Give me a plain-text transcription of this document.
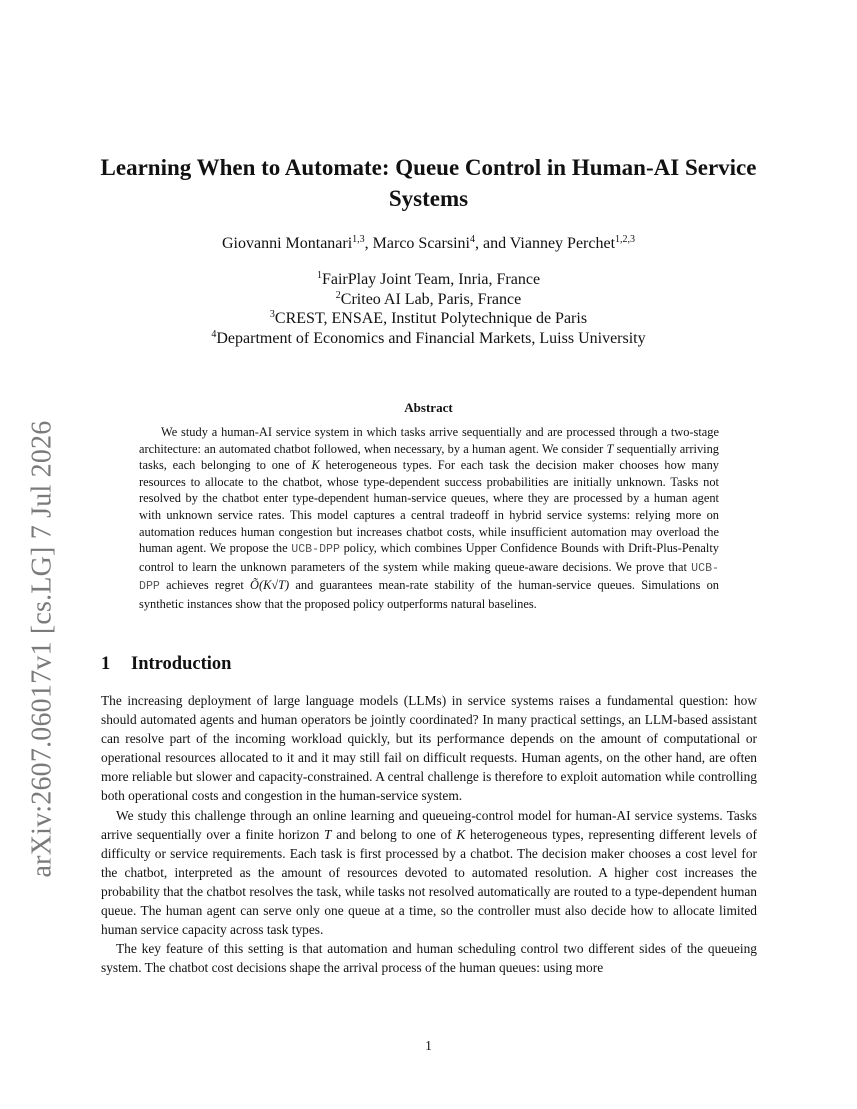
arXiv:2607.06017v1 [cs.LG] 7 Jul 2026
Learning When to Automate: Queue Control in Human-AI Service Systems
Giovanni Montanari$^{1,3}$, Marco Scarsini$^4$, and Vianney Perchet$^{1,2,3}$
$^1$FairPlay Joint Team, Inria, France
$^2$Criteo AI Lab, Paris, France
$^3$CREST, ENSAE, Institut Polytechnique de Paris
$^4$Department of Economics and Financial Markets, Luiss University
Abstract

We study a human-AI service system in which tasks arrive sequentially and are processed through a two-stage architecture: an automated chatbot followed, when necessary, by a human agent. We consider T sequentially arriving tasks, each belonging to one of K heterogeneous types. For each task the decision maker chooses how many resources to allocate to the chatbot, whose type-dependent success probabilities are initially unknown. Tasks not resolved by the chatbot enter type-dependent human-service queues, where they are processed by a human agent with unknown service rates. This model captures a central tradeoff in hybrid service systems: relying more on automation reduces human congestion but increases chatbot costs, while insufficient automation may overload the human agent. We propose the UCB-DPP policy, which combines Upper Confidence Bounds with Drift-Plus-Penalty control to learn the unknown parameters of the system while making queue-aware decisions. We prove that UCB-DPP achieves regret Õ(K√T) and guarantees mean-rate stability of the human-service queues. Simulations on synthetic instances show that the proposed policy outperforms natural baselines.

1 Introduction

The increasing deployment of large language models (LLMs) in service systems raises a fundamental question: how should automated agents and human operators be jointly coordinated? In many practical settings, an LLM-based assistant can resolve part of the incoming workload quickly, but its performance depends on the amount of computational or operational resources allocated to it and it may still fail on difficult requests. Human agents, on the other hand, are often more reliable but slower and capacity-constrained. A central challenge is therefore to exploit automation while controlling both operational costs and congestion in the human-service system.

We study this challenge through an online learning and queueing-control model for human-AI service systems. Tasks arrive sequentially over a finite horizon T and belong to one of K heterogeneous types, representing different levels of difficulty or service requirements. Each task is first processed by a chatbot. The decision maker chooses a cost level for the chatbot, interpreted as the amount of resources devoted to automated resolution. A higher cost increases the probability that the chatbot resolves the task, while tasks not resolved automatically are routed to a type-dependent human queue. The human agent can serve only one queue at a time, so the controller must also decide how to allocate limited human service capacity across task types.

The key feature of this setting is that automation and human scheduling control two different sides of the queueing system. The chatbot cost decisions shape the arrival process of the human queues: using more

1
